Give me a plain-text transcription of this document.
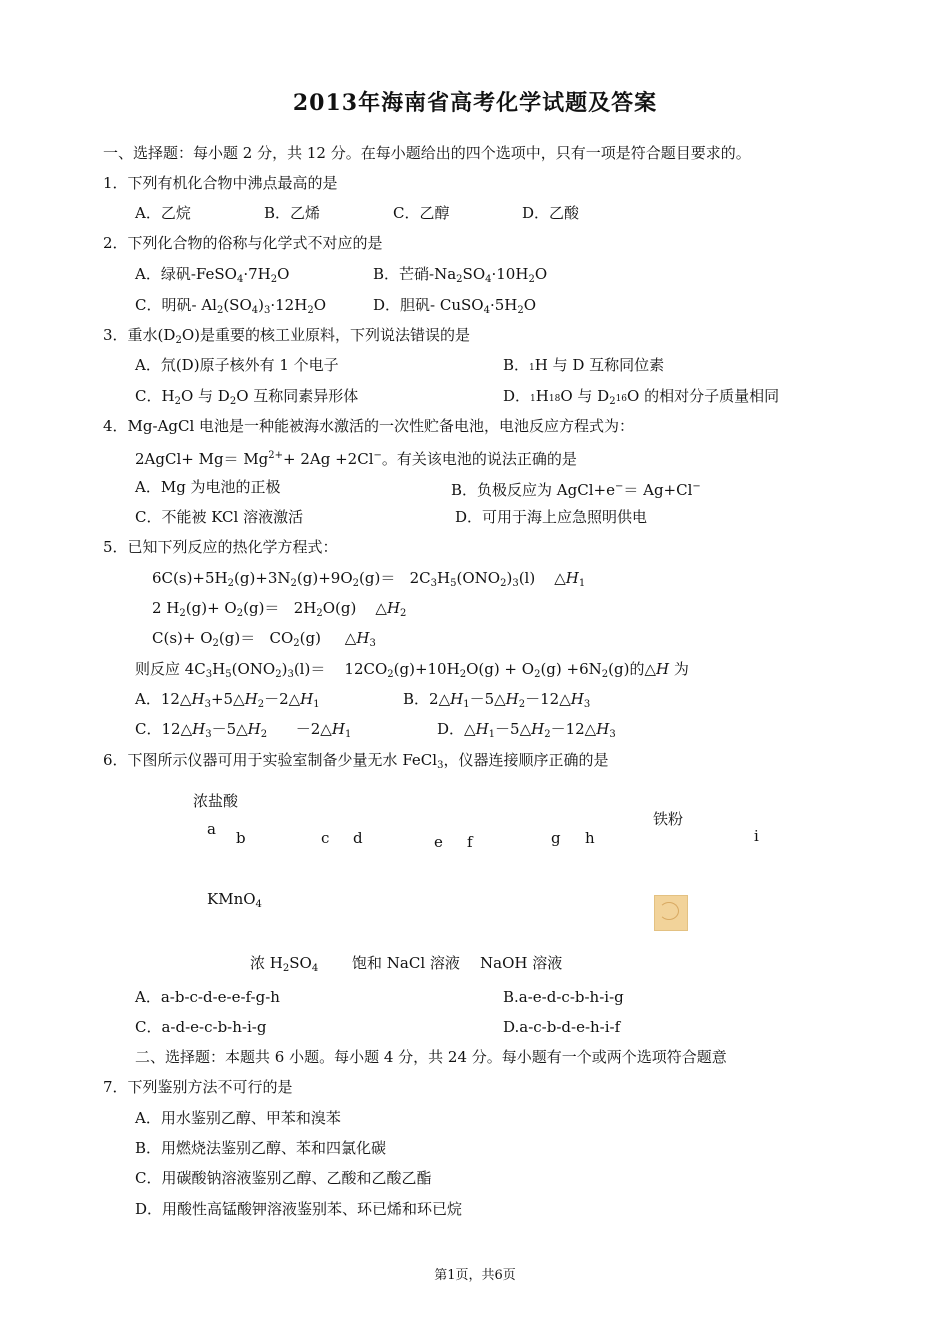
2013年海南省高考化学试题及答案
一、选择题：每小题 2 分，共 12 分。在每小题给出的四个选项中，只有一项是符合题目要求的。
1．下列有机化合物中沸点最高的是
A．乙烷	B．乙烯	C．乙醇	D．乙酸
2．下列化合物的俗称与化学式不对应的是
A．绿矾$-FeSO_4\cdot 7H_2O$	B．芒硝$-Na_2SO_4\cdot 10H_2O$
C．明矾- $Al_2(SO_4)_3\cdot 12H_2O$	D．胆矾- $CuSO_4\cdot 5H_2O$
3．重水$(D_2O)$是重要的核工业原料，下列说法错误的是
A．氘(D)原子核外有 1 个电子	B．1H 与 D 互称同位素
C．$H_2O$ 与 $D_2O$ 互称同素异形体	D．1H18O 与 $D_216O$ 的相对分子质量相同
4．Mg-AgCl 电池是一种能被海水激活的一次性贮备电池，电池反应方程式为：
2AgCl+ $Mg= Mg^{2+}+ 2Ag +2Cl^-$。有关该电池的说法正确的是
A．Mg 为电池的正极	B．负极反应为 AgCl+e−＝ Ag+Cl−
C．不能被 KCl 溶液激活	D．可用于海上应急照明供电
5．已知下列反应的热化学方程式：
$6C(s)+5H_2(g)+3N_2(g)+9O_2(g)= 2C_3H_5(ONO_2)_3(l)$    $\triangle H_1$
2 $H_2(g)+ O_2(g)= 2H_2O(g)$    $\triangle H_2$
$C(s)+ O_2(g)= CO_2(g)$     $\triangle H_3$
则反应 $4C_3H_5(ONO_2)_3(l)=$    $12CO_2(g)+10H_2O(g) + O_2(g) +6N_2(g)$的△H 为
A．$12\triangle H_3+5\triangle H_2-2\triangle H_1$	B．$2\triangle H_1-5\triangle H_2-12\triangle H_3$
C．$12\triangle H_3-5\triangle H_2$      $-2\triangle H_1$	D．$\triangle H_1-5\triangle H_2-12\triangle H_3$
6．下图所示仪器可用于实验室制备少量无水 FeCl$_3$，仪器连接顺序正确的是
浓盐酸
铁粉
a b	c d	e f	g h	i
KMnO$_4$
浓 $H_2SO_4$ 饱和 NaCl 溶液 NaOH 溶液
A．a-b-c-d-e-e-f-g-h	B.a-e-d-c-b-h-i-g
C．a-d-e-c-b-h-i-g	D.a-c-b-d-e-h-i-f
二、选择题：本题共 6 小题。每小题 4 分，共 24 分。每小题有一个或两个选项符合题意
7．下列鉴别方法不可行的是
A．用水鉴别乙醇、甲苯和溴苯
B．用燃烧法鉴别乙醇、苯和四氯化碳
C．用碳酸钠溶液鉴别乙醇、乙酸和乙酸乙酯
D．用酸性高锰酸钾溶液鉴别苯、环已烯和环已烷
第1页，共6页
